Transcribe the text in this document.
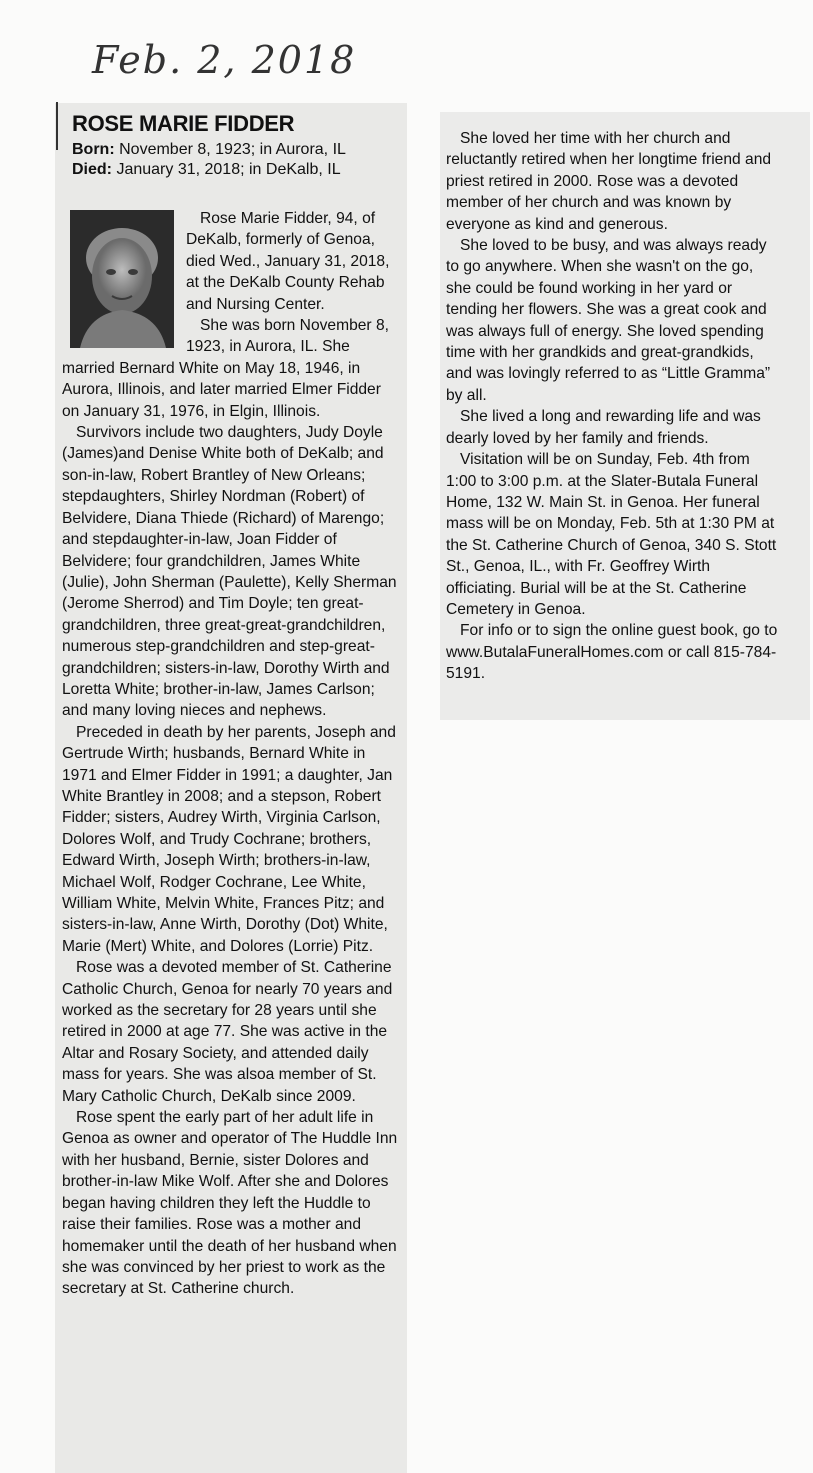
Feb. 2, 2018
ROSE MARIE FIDDER
Born: November 8, 1923; in Aurora, IL
Died: January 31, 2018; in DeKalb, IL

Rose Marie Fidder, 94, of DeKalb, formerly of Genoa, died Wed., January 31, 2018, at the DeKalb County Rehab and Nursing Center.

She was born November 8, 1923, in Aurora, IL. She married Bernard White on May 18, 1946, in Aurora, Illinois, and later married Elmer Fidder on January 31, 1976, in Elgin, Illinois.

Survivors include two daughters, Judy Doyle (James)and Denise White both of DeKalb; and son-in-law, Robert Brantley of New Orleans; stepdaughters, Shirley Nordman (Robert) of Belvidere, Diana Thiede (Richard) of Marengo; and stepdaughter-in-law, Joan Fidder of Belvidere; four grandchildren, James White (Julie), John Sherman (Paulette), Kelly Sherman (Jerome Sherrod) and Tim Doyle; ten great-grandchildren, three great-great-grandchildren, numerous step-grandchildren and step-great-grandchildren; sisters-in-law, Dorothy Wirth and Loretta White; brother-in-law, James Carlson; and many loving nieces and nephews.

Preceded in death by her parents, Joseph and Gertrude Wirth; husbands, Bernard White in 1971 and Elmer Fidder in 1991; a daughter, Jan White Brantley in 2008; and a stepson, Robert Fidder; sisters, Audrey Wirth, Virginia Carlson, Dolores Wolf, and Trudy Cochrane; brothers, Edward Wirth, Joseph Wirth; brothers-in-law, Michael Wolf, Rodger Cochrane, Lee White, William White, Melvin White, Frances Pitz; and sisters-in-law, Anne Wirth, Dorothy (Dot) White, Marie (Mert) White, and Dolores (Lorrie) Pitz.

Rose was a devoted member of St. Catherine Catholic Church, Genoa for nearly 70 years and worked as the secretary for 28 years until she retired in 2000 at age 77. She was active in the Altar and Rosary Society, and attended daily mass for years. She was alsoa member of St. Mary Catholic Church, DeKalb since 2009.

Rose spent the early part of her adult life in Genoa as owner and operator of The Huddle Inn with her husband, Bernie, sister Dolores and brother-in-law Mike Wolf. After she and Dolores began having children they left the Huddle to raise their families. Rose was a mother and homemaker until the death of her husband when she was convinced by her priest to work as the secretary at St. Catherine church.

She loved her time with her church and reluctantly retired when her longtime friend and priest retired in 2000. Rose was a devoted member of her church and was known by everyone as kind and generous.

She loved to be busy, and was always ready to go anywhere. When she wasn't on the go, she could be found working in her yard or tending her flowers. She was a great cook and was always full of energy. She loved spending time with her grandkids and great-grandkids, and was lovingly referred to as “Little Gramma” by all.

She lived a long and rewarding life and was dearly loved by her family and friends.

Visitation will be on Sunday, Feb. 4th from 1:00 to 3:00 p.m. at the Slater-Butala Funeral Home, 132 W. Main St. in Genoa. Her funeral mass will be on Monday, Feb. 5th at 1:30 PM at the St. Catherine Church of Genoa, 340 S. Stott St., Genoa, IL., with Fr. Geoffrey Wirth officiating. Burial will be at the St. Catherine Cemetery in Genoa.

For info or to sign the online guest book, go to www.ButalaFuneralHomes.com or call 815-784-5191.
